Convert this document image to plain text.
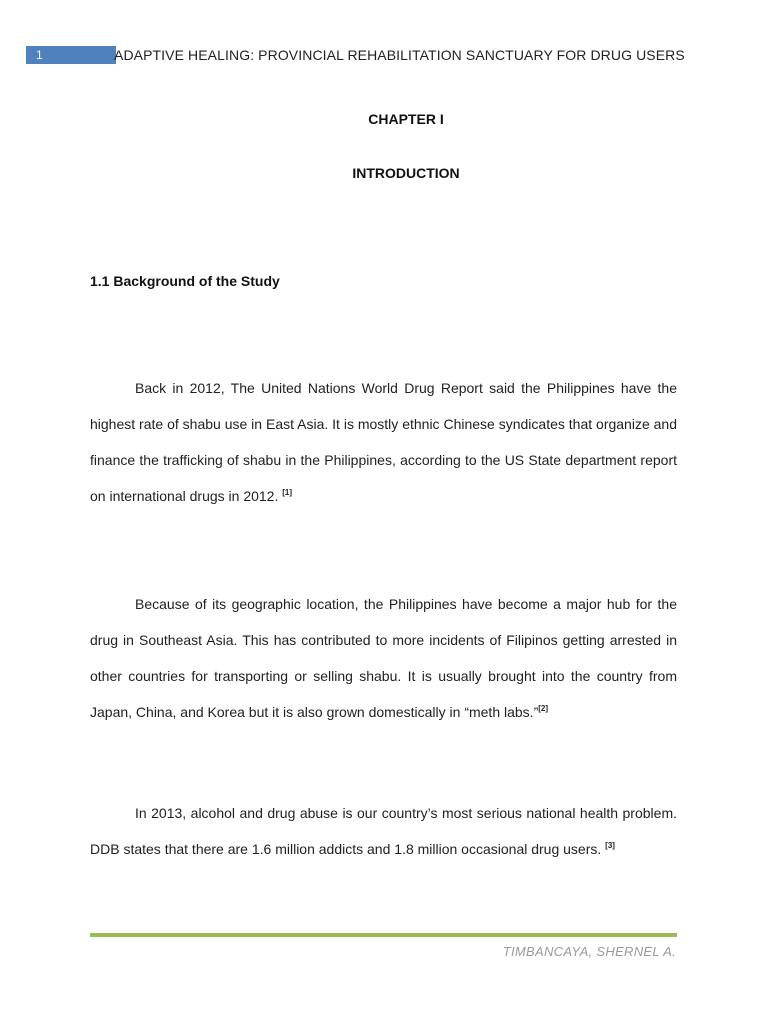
1	ADAPTIVE HEALING: PROVINCIAL REHABILITATION SANCTUARY FOR DRUG USERS
CHAPTER I
INTRODUCTION
1.1 Background of the Study

Back in 2012, The United Nations World Drug Report said the Philippines have the highest rate of shabu use in East Asia. It is mostly ethnic Chinese syndicates that organize and finance the trafficking of shabu in the Philippines, according to the US State department report on international drugs in 2012. [1]

Because of its geographic location, the Philippines have become a major hub for the drug in Southeast Asia. This has contributed to more incidents of Filipinos getting arrested in other countries for transporting or selling shabu. It is usually brought into the country from Japan, China, and Korea but it is also grown domestically in “meth labs.”[2]

In 2013, alcohol and drug abuse is our country’s most serious national health problem. DDB states that there are 1.6 million addicts and 1.8 million occasional drug users. [3]

TIMBANCAYA, SHERNEL A.
